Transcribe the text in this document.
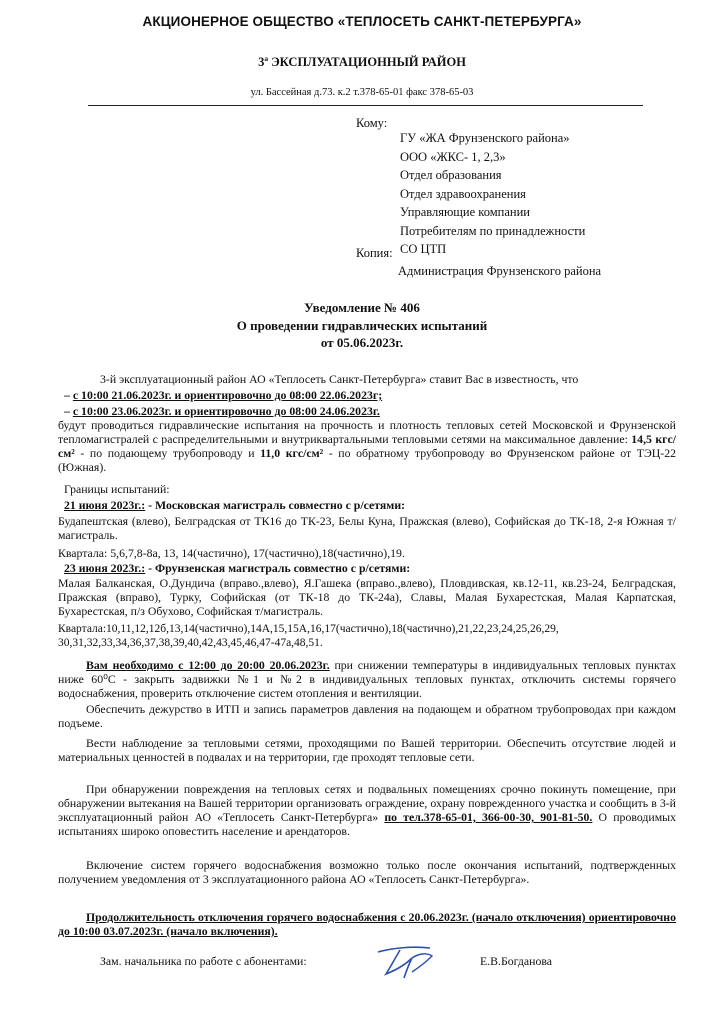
АКЦИОНЕРНОЕ ОБЩЕСТВО «ТЕПЛОСЕТЬ САНКТ-ПЕТЕРБУРГА»
3ª ЭКСПЛУАТАЦИОННЫЙ РАЙОН
ул. Бассейная д.73. к.2 т.378-65-01 факс 378-65-03
Кому:
ГУ «ЖА Фрунзенского района»
ООО «ЖКС- 1, 2,3»
Отдел образования
Отдел здравоохранения
Управляющие компании
Потребителям по принадлежности
СО ЦТП
Копия:
Администрация Фрунзенского района
Уведомление № 406
О проведении гидравлических испытаний
от 05.06.2023г.
3-й эксплуатационный район АО «Теплосеть Санкт-Петербурга» ставит Вас в известность, что
– с 10:00 21.06.2023г. и ориентировочно до 08:00 22.06.2023г;
– с 10:00 23.06.2023г. и ориентировочно до 08:00 24.06.2023г.
будут проводиться гидравлические испытания на прочность и плотность тепловых сетей Московской и Фрунзенской тепломагистралей с распределительными и внутриквартальными тепловыми сетями на максимальное давление: 14,5 кгс/см² - по подающему трубопроводу и 11,0 кгс/см² - по обратному трубопроводу во Фрунзенском районе от ТЭЦ-22 (Южная).
Границы испытаний:
21 июня 2023г.: - Московская магистраль совместно с р/сетями:
Будапештская (влево), Белградская от ТК16 до ТК-23, Белы Куна, Пражская (влево), Софийская до ТК-18, 2-я Южная т/магистраль.
Квартала: 5,6,7,8-8а, 13, 14(частично), 17(частично),18(частично),19.
23 июня 2023г.: - Фрунзенская магистраль совместно с р/сетями:
Малая Балканская, О.Дундича (вправо.,влево), Я.Гашека (вправо.,влево), Пловдивская, кв.12-11, кв.23-24, Белградская, Пражская (вправо), Турку, Софийская (от ТК-18 до ТК-24а), Славы, Малая Бухарестская, Малая Карпатская, Бухарестская, п/з Обухово, Софийская т/магистраль.
Квартала:10,11,12,12б,13,14(частично),14А,15,15А,16,17(частично),18(частично),21,22,23,24,25,26,29, 30,31,32,33,34,36,37,38,39,40,42,43,45,46,47-47а,48,51.
Вам необходимо с 12:00 до 20:00 20.06.2023г. при снижении температуры в индивидуальных тепловых пунктах ниже 60⁰С - закрыть задвижки №1 и №2 в индивидуальных тепловых пунктах, отключить системы горячего водоснабжения, проверить отключение систем отопления и вентиляции.
Обеспечить дежурство в ИТП и запись параметров давления на подающем и обратном трубопроводах при каждом подъеме.
Вести наблюдение за тепловыми сетями, проходящими по Вашей территории. Обеспечить отсутствие людей и материальных ценностей в подвалах и на территории, где проходят тепловые сети.
При обнаружении повреждения на тепловых сетях и подвальных помещениях срочно покинуть помещение, при обнаружении вытекания на Вашей территории организовать ограждение, охрану поврежденного участка и сообщить в 3-й эксплуатационный район АО «Теплосеть Санкт-Петербурга» по тел.378-65-01, 366-00-30, 901-81-50. О проводимых испытаниях широко оповестить население и арендаторов.
Включение систем горячего водоснабжения возможно только после окончания испытаний, подтвержденных получением уведомления от 3 эксплуатационного района АО «Теплосеть Санкт-Петербурга».
Продолжительность отключения горячего водоснабжения с 20.06.2023г. (начало отключения) ориентировочно до 10:00 03.07.2023г. (начало включения).
Зам. начальника по работе с абонентами:	Е.В.Богданова
